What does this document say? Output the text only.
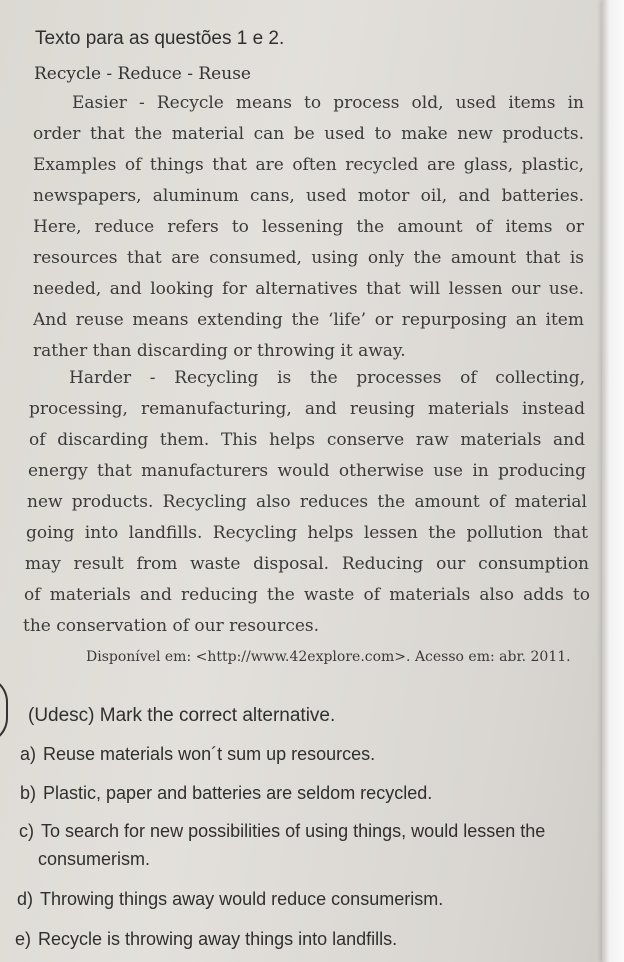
Texto para as questões 1 e 2.
Recycle - Reduce - Reuse
Easier - Recycle means to process old, used items in
order that the material can be used to make new products.
Examples of things that are often recycled are glass, plastic,
newspapers, aluminum cans, used motor oil, and batteries.
Here, reduce refers to lessening the amount of items or
resources that are consumed, using only the amount that is
needed, and looking for alternatives that will lessen our use.
And reuse means extending the ‘life’ or repurposing an item
rather than discarding or throwing it away.
Harder - Recycling is the processes of collecting,
processing, remanufacturing, and reusing materials instead
of discarding them. This helps conserve raw materials and
energy that manufacturers would otherwise use in producing
new products. Recycling also reduces the amount of material
going into landfills. Recycling helps lessen the pollution that
may result from waste disposal. Reducing our consumption
of materials and reducing the waste of materials also adds to
the conservation of our resources.
Disponível em: <http://www.42explore.com>. Acesso em: abr. 2011.
(Udesc) Mark the correct alternative.
a) Reuse materials won´t sum up resources.
b) Plastic, paper and batteries are seldom recycled.
c) To search for new possibilities of using things, would lessen the
consumerism.
d) Throwing things away would reduce consumerism.
e) Recycle is throwing away things into landfills.
